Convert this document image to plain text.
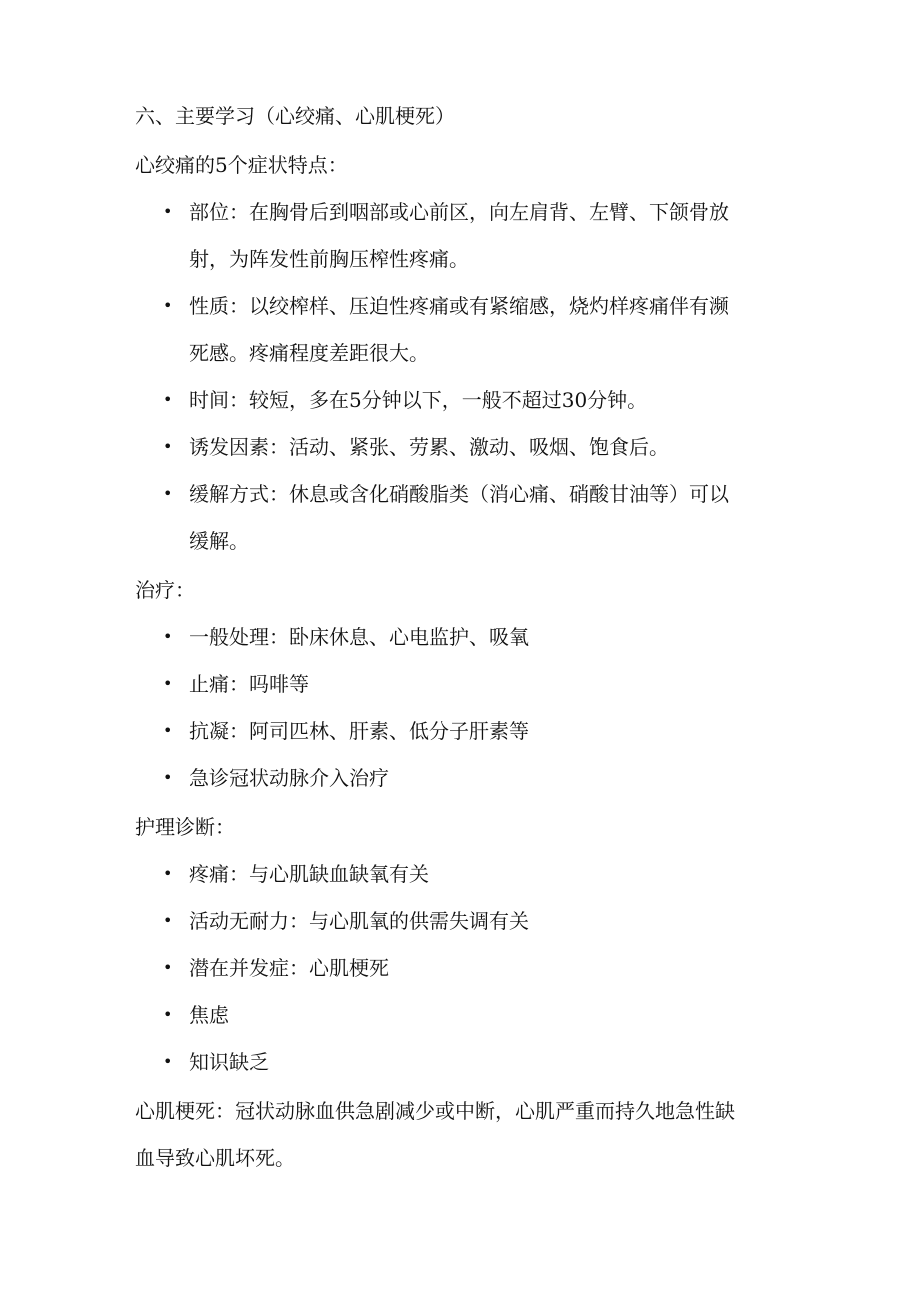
六、主要学习（心绞痛、心肌梗死）
心绞痛的5个症状特点：
• 部位：在胸骨后到咽部或心前区，向左肩背、左臂、下颌骨放
射，为阵发性前胸压榨性疼痛。
• 性质：以绞榨样、压迫性疼痛或有紧缩感，烧灼样疼痛伴有濒
死感。疼痛程度差距很大。
• 时间：较短，多在5分钟以下，一般不超过30分钟。
• 诱发因素：活动、紧张、劳累、激动、吸烟、饱食后。
• 缓解方式：休息或含化硝酸脂类（消心痛、硝酸甘油等）可以
缓解。
治疗：
• 一般处理：卧床休息、心电监护、吸氧
• 止痛：吗啡等
• 抗凝：阿司匹林、肝素、低分子肝素等
• 急诊冠状动脉介入治疗
护理诊断：
• 疼痛：与心肌缺血缺氧有关
• 活动无耐力：与心肌氧的供需失调有关
• 潜在并发症：心肌梗死
• 焦虑
• 知识缺乏
心肌梗死：冠状动脉血供急剧减少或中断，心肌严重而持久地急性缺
血导致心肌坏死。
